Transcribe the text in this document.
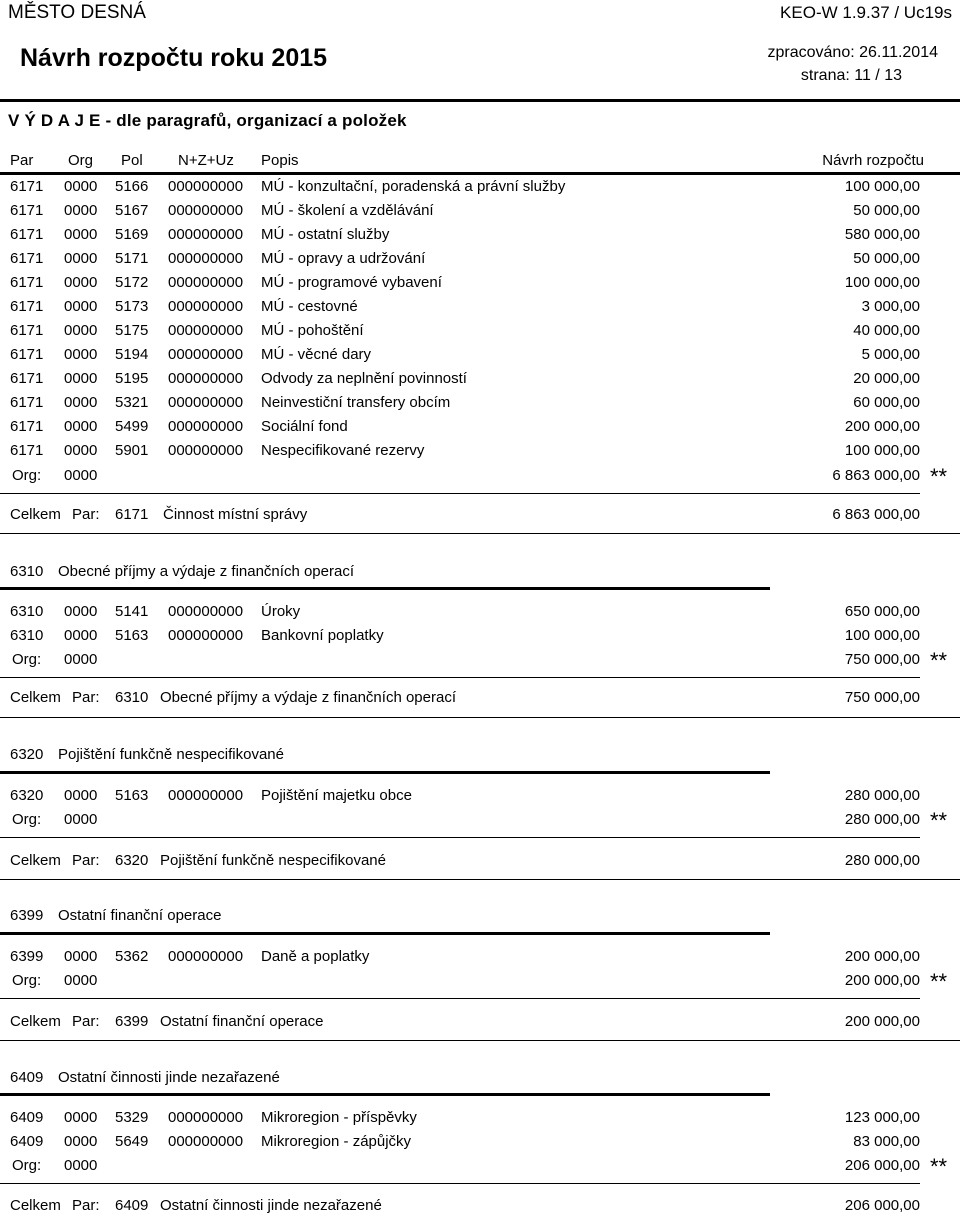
MĚSTO DESNÁ	KEO-W 1.9.37 / Uc19s
Návrh rozpočtu roku 2015	zpracováno: 26.11.2014
strana: 11 / 13
V Ý D A J E - dle paragrafů, organizací a položek
Par Org Pol N+Z+Uz Popis	Návrh rozpočtu
6171 0000 5166 000000000 MÚ - konzultační, poradenská a právní služby	100 000,00
6171 0000 5167 000000000 MÚ - školení a vzdělávání	50 000,00
6171 0000 5169 000000000 MÚ - ostatní služby	580 000,00
6171 0000 5171 000000000 MÚ - opravy a udržování	50 000,00
6171 0000 5172 000000000 MÚ - programové vybavení	100 000,00
6171 0000 5173 000000000 MÚ - cestovné	3 000,00
6171 0000 5175 000000000 MÚ - pohoštění	40 000,00
6171 0000 5194 000000000 MÚ - věcné dary	5 000,00
6171 0000 5195 000000000 Odvody za neplnění povinností	20 000,00
6171 0000 5321 000000000 Neinvestiční transfery obcím	60 000,00
6171 0000 5499 000000000 Sociální fond	200 000,00
6171 0000 5901 000000000 Nespecifikované rezervy	100 000,00
Org: 0000	6 863 000,00 **
Celkem Par: 6171 Činnost místní správy	6 863 000,00
6310 Obecné příjmy a výdaje z finančních operací
6310 0000 5141 000000000 Úroky	650 000,00
6310 0000 5163 000000000 Bankovní poplatky	100 000,00
Org: 0000	750 000,00 **
Celkem Par: 6310 Obecné příjmy a výdaje z finančních operací	750 000,00
6320 Pojištění funkčně nespecifikované
6320 0000 5163 000000000 Pojištění majetku obce	280 000,00
Org: 0000	280 000,00 **
Celkem Par: 6320 Pojištění funkčně nespecifikované	280 000,00
6399 Ostatní finanční operace
6399 0000 5362 000000000 Daně a poplatky	200 000,00
Org: 0000	200 000,00 **
Celkem Par: 6399 Ostatní finanční operace	200 000,00
6409 Ostatní činnosti jinde nezařazené
6409 0000 5329 000000000 Mikroregion - příspěvky	123 000,00
6409 0000 5649 000000000 Mikroregion - zápůjčky	83 000,00
Org: 0000	206 000,00 **
Celkem Par: 6409 Ostatní činnosti jinde nezařazené	206 000,00
